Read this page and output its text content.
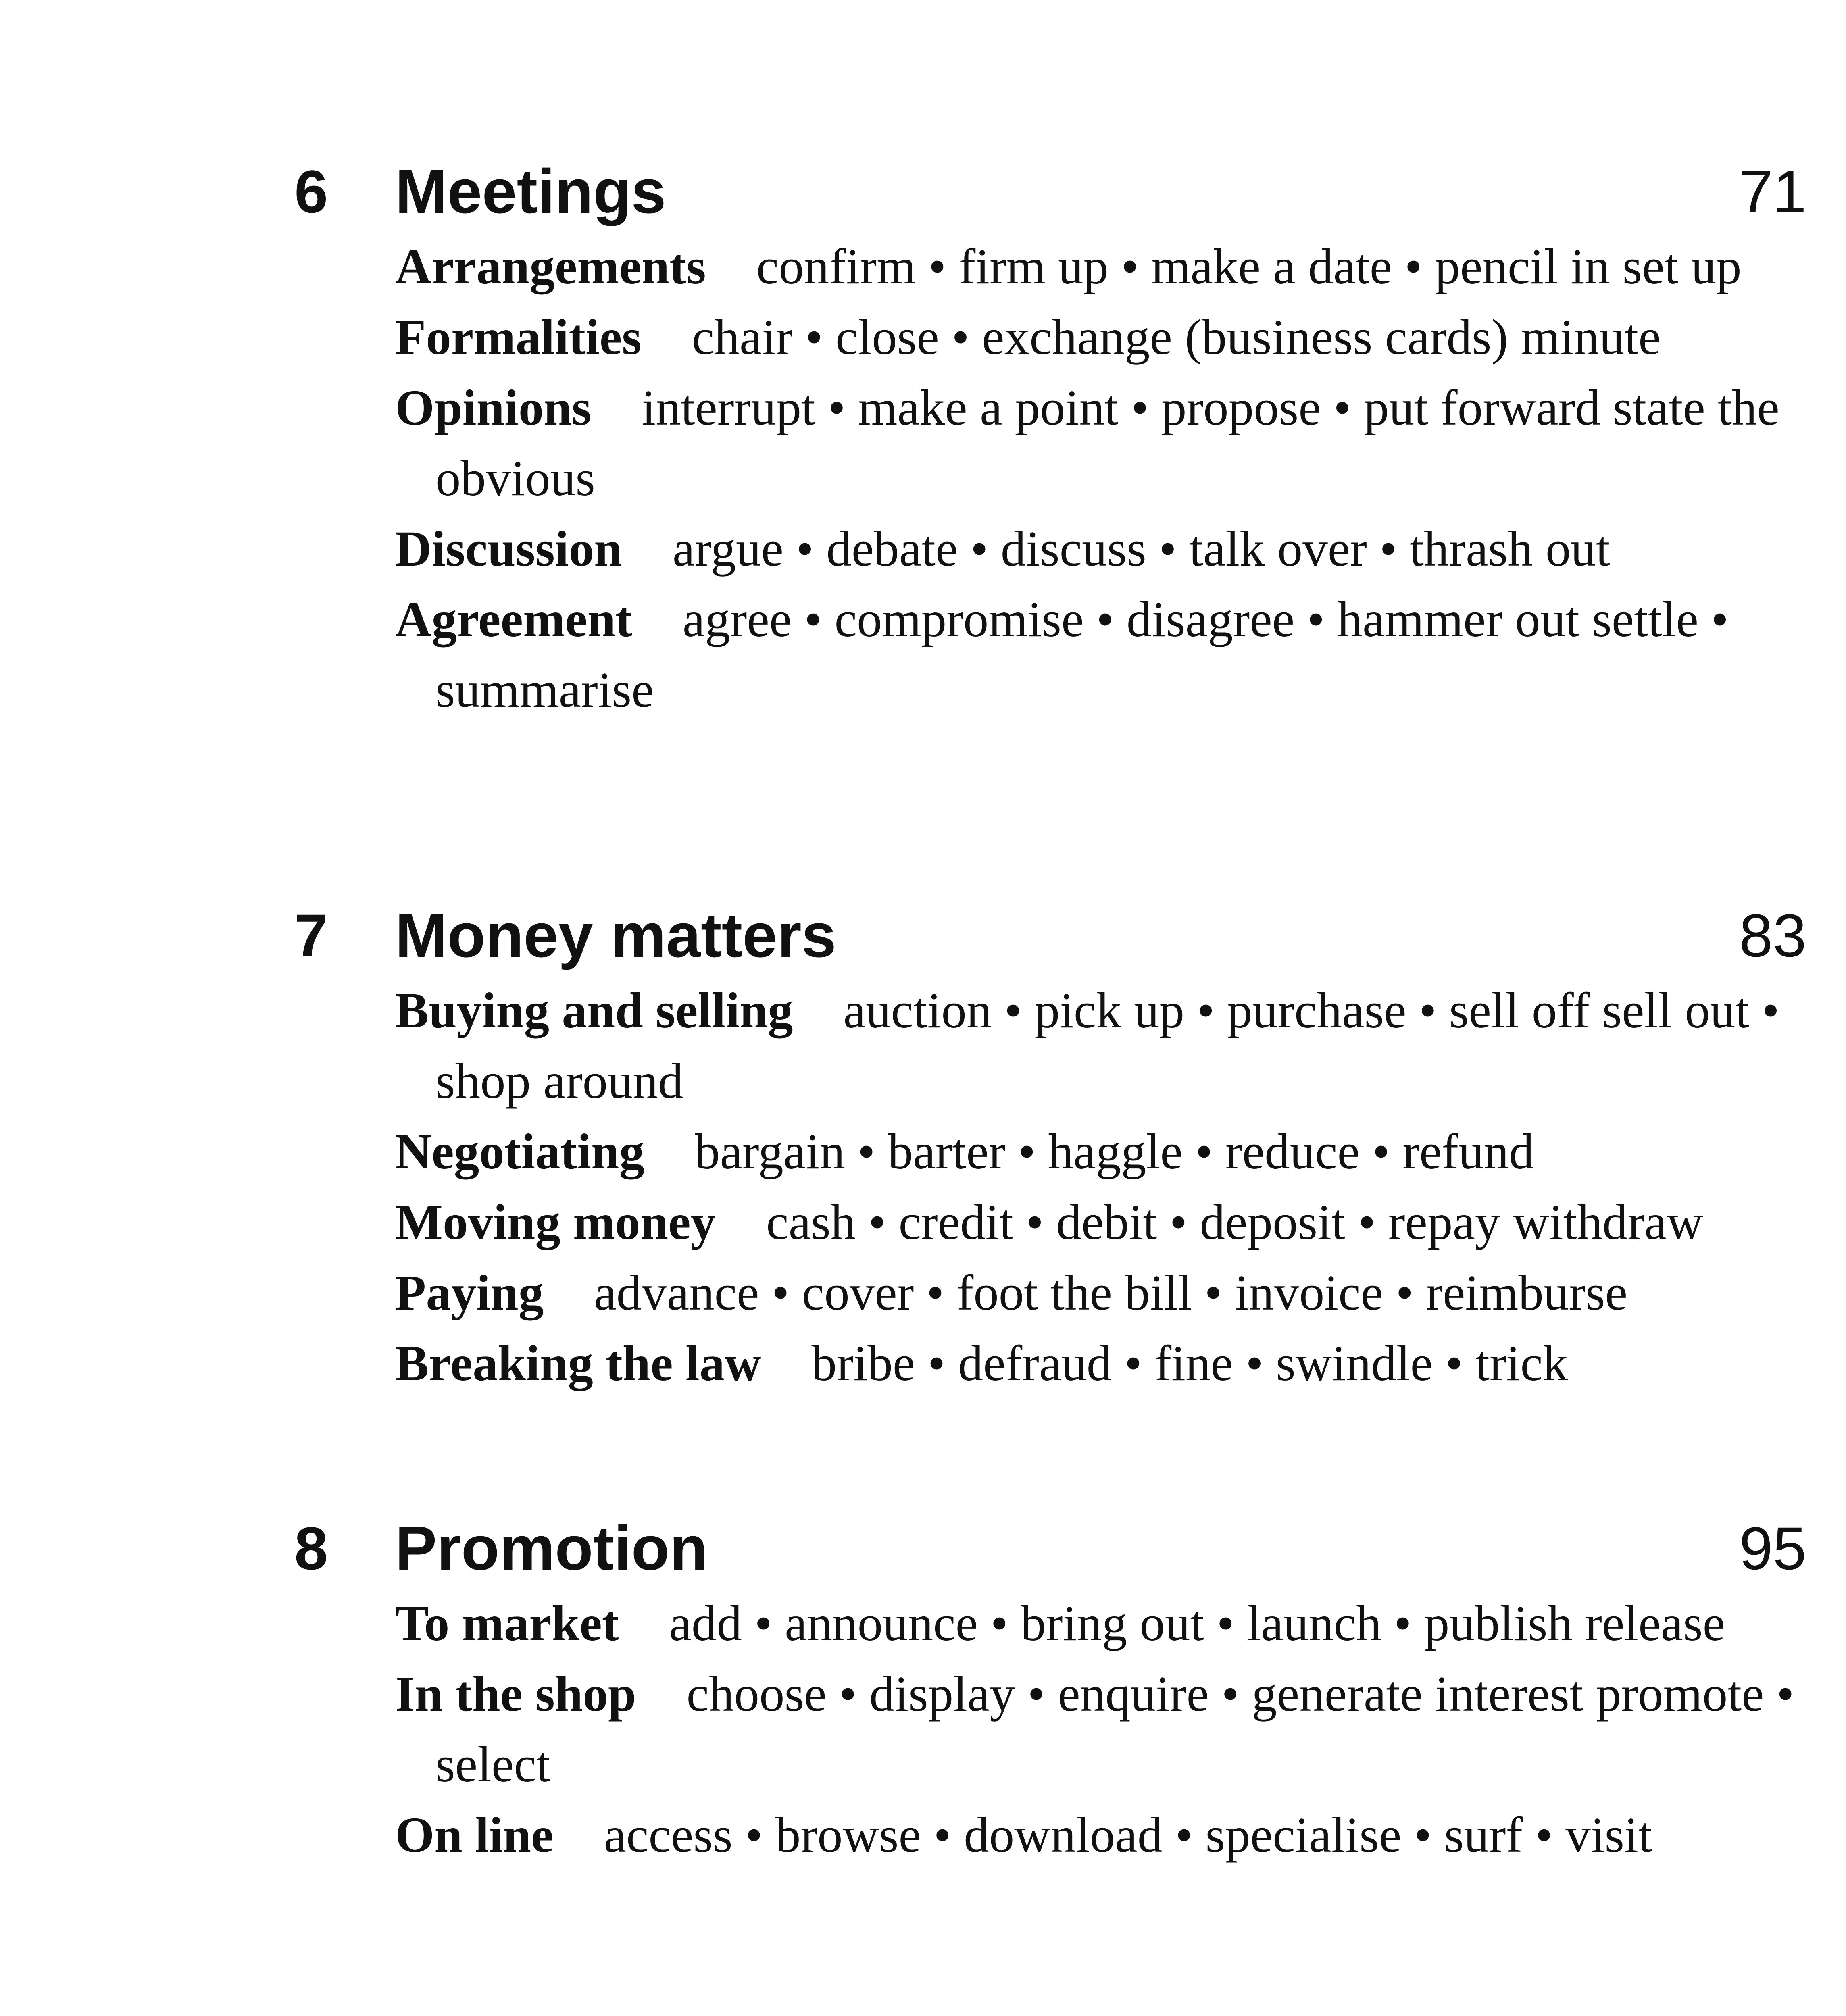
6 Meetings	71
Arrangements confirm • firm up • make a date • pencil in set up
Formalities chair • close • exchange (business cards) minute
Opinions interrupt • make a point • propose • put forward state the obvious
Discussion argue • debate • discuss • talk over • thrash out
Agreement agree • compromise • disagree • hammer out settle • summarise
7 Money matters	83
Buying and selling auction • pick up • purchase • sell off sell out • shop around
Negotiating bargain • barter • haggle • reduce • refund
Moving money cash • credit • debit • deposit • repay withdraw
Paying advance • cover • foot the bill • invoice • reimburse
Breaking the law bribe • defraud • fine • swindle • trick
8 Promotion	95
To market add • announce • bring out • launch • publish release
In the shop choose • display • enquire • generate interest promote • select
On line access • browse • download • specialise • surf • visit
